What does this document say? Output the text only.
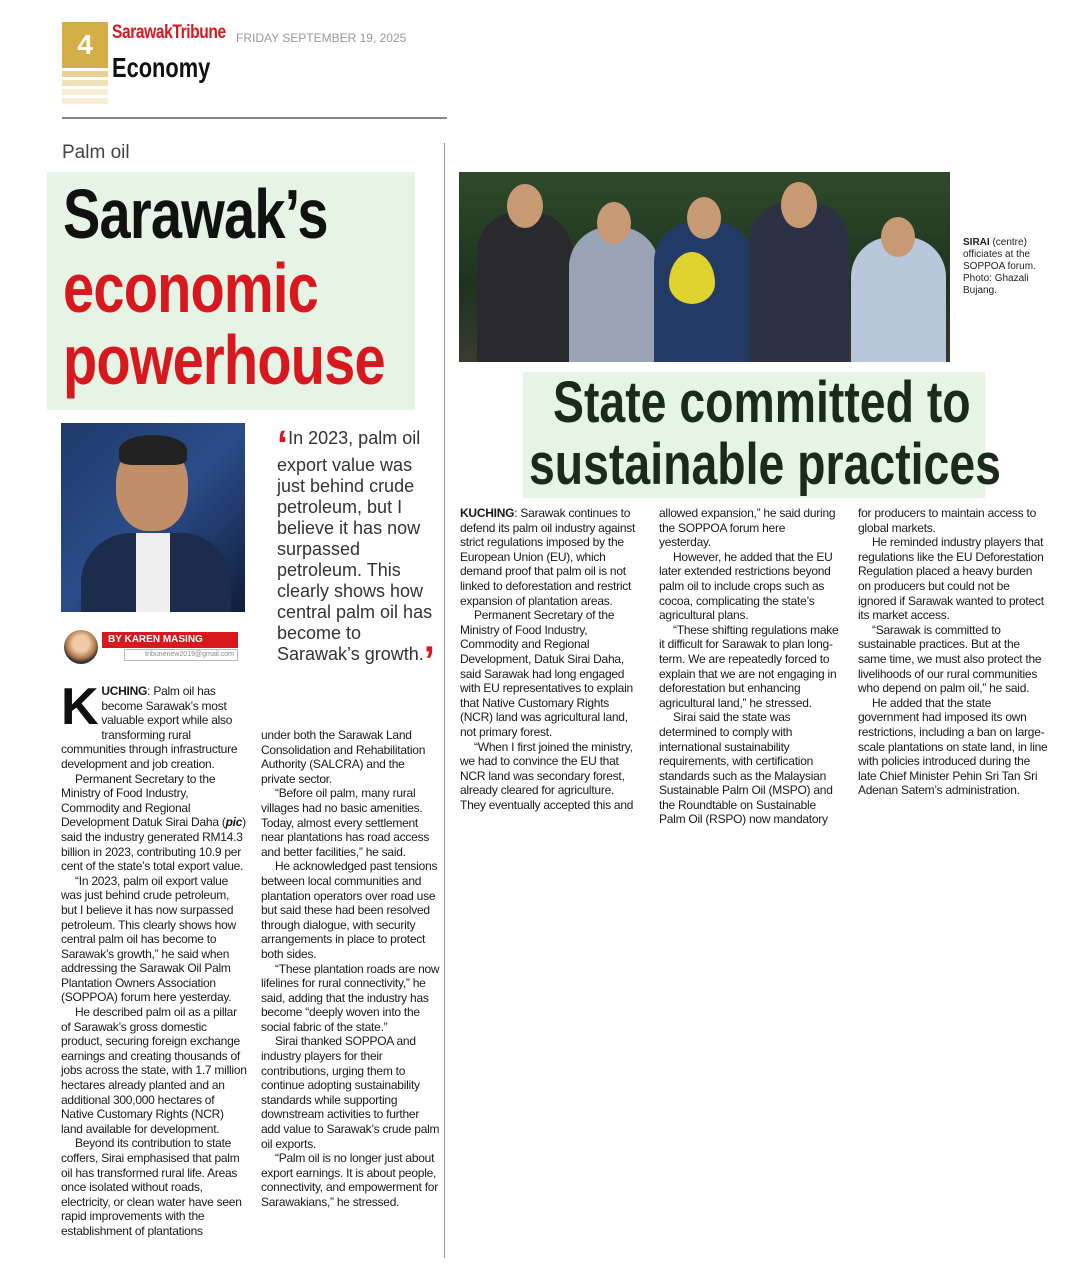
4	SarawakTribune FRIDAY SEPTEMBER 19, 2025
Economy
Palm oil
Sarawak’s
economic
powerhouse
BY KAREN MASING
tribunenew2019@gmail.com
‘In 2023, palm oil export value was just behind crude petroleum, but I believe it has now surpassed petroleum. This clearly shows how central palm oil has become to Sarawak’s growth.’

KUCHING: Palm oil has become Sarawak’s most valuable export while also transforming rural communities through infrastructure development and job creation.

Permanent Secretary to the Ministry of Food Industry, Commodity and Regional Development Datuk Sirai Daha (pic) said the industry generated RM14.3 billion in 2023, contributing 10.9 per cent of the state’s total export value.

“In 2023, palm oil export value was just behind crude petroleum, but I believe it has now surpassed petroleum. This clearly shows how central palm oil has become to Sarawak’s growth,” he said when addressing the Sarawak Oil Palm Plantation Owners Association (SOPPOA) forum here yesterday.

He described palm oil as a pillar of Sarawak’s gross domestic product, securing foreign exchange earnings and creating thousands of jobs across the state, with 1.7 million hectares already planted and an additional 300,000 hectares of Native Customary Rights (NCR) land available for development.

Beyond its contribution to state coffers, Sirai emphasised that palm oil has transformed rural life. Areas once isolated without roads, electricity, or clean water have seen rapid improvements with the establishment of plantations

under both the Sarawak Land Consolidation and Rehabilitation Authority (SALCRA) and the private sector.

“Before oil palm, many rural villages had no basic amenities. Today, almost every settlement near plantations has road access and better facilities,” he said.

He acknowledged past tensions between local communities and plantation operators over road use but said these had been resolved through dialogue, with security arrangements in place to protect both sides.

“These plantation roads are now lifelines for rural connectivity,” he said, adding that the industry has become “deeply woven into the social fabric of the state.”

Sirai thanked SOPPOA and industry players for their contributions, urging them to continue adopting sustainability standards while supporting downstream activities to further add value to Sarawak’s crude palm oil exports.

“Palm oil is no longer just about export earnings. It is about people, connectivity, and empowerment for Sarawakians,” he stressed.

SIRAI (centre) officiates at the SOPPOA forum. Photo: Ghazali Bujang.
State committed to
sustainable practices

KUCHING: Sarawak continues to defend its palm oil industry against strict regulations imposed by the European Union (EU), which demand proof that palm oil is not linked to deforestation and restrict expansion of plantation areas.

Permanent Secretary of the Ministry of Food Industry, Commodity and Regional Development, Datuk Sirai Daha, said Sarawak had long engaged with EU representatives to explain that Native Customary Rights (NCR) land was agricultural land, not primary forest.

“When I first joined the ministry, we had to convince the EU that NCR land was secondary forest, already cleared for agriculture. They eventually accepted this and

allowed expansion,” he said during the SOPPOA forum here yesterday.

However, he added that the EU later extended restrictions beyond palm oil to include crops such as cocoa, complicating the state’s agricultural plans.

“These shifting regulations make it difficult for Sarawak to plan long-term. We are repeatedly forced to explain that we are not engaging in deforestation but enhancing agricultural land,” he stressed.

Sirai said the state was determined to comply with international sustainability requirements, with certification standards such as the Malaysian Sustainable Palm Oil (MSPO) and the Roundtable on Sustainable Palm Oil (RSPO) now mandatory

for producers to maintain access to global markets.

He reminded industry players that regulations like the EU Deforestation Regulation placed a heavy burden on producers but could not be ignored if Sarawak wanted to protect its market access.

“Sarawak is committed to sustainable practices. But at the same time, we must also protect the livelihoods of our rural communities who depend on palm oil,” he said.

He added that the state government had imposed its own restrictions, including a ban on large-scale plantations on state land, in line with policies introduced during the late Chief Minister Pehin Sri Tan Sri Adenan Satem’s administration.
